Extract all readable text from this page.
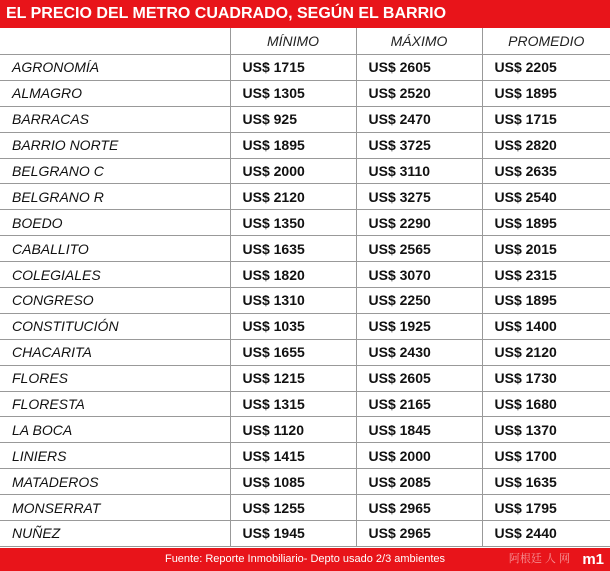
EL PRECIO DEL METRO CUADRADO, SEGÚN EL BARRIO
	MÍNIMO	MÁXIMO	PROMEDIO
AGRONOMÍA	US$ 1715	US$ 2605	US$ 2205
ALMAGRO	US$ 1305	US$ 2520	US$ 1895
BARRACAS	US$ 925	US$ 2470	US$ 1715
BARRIO NORTE	US$ 1895	US$ 3725	US$ 2820
BELGRANO C	US$ 2000	US$ 3110	US$ 2635
BELGRANO R	US$ 2120	US$ 3275	US$ 2540
BOEDO	US$ 1350	US$ 2290	US$ 1895
CABALLITO	US$ 1635	US$ 2565	US$ 2015
COLEGIALES	US$ 1820	US$ 3070	US$ 2315
CONGRESO	US$ 1310	US$ 2250	US$ 1895
CONSTITUCIÓN	US$ 1035	US$ 1925	US$ 1400
CHACARITA	US$ 1655	US$ 2430	US$ 2120
FLORES	US$ 1215	US$ 2605	US$ 1730
FLORESTA	US$ 1315	US$ 2165	US$ 1680
LA BOCA	US$ 1120	US$ 1845	US$ 1370
LINIERS	US$ 1415	US$ 2000	US$ 1700
MATADEROS	US$ 1085	US$ 2085	US$ 1635
MONSERRAT	US$ 1255	US$ 2965	US$ 1795
NUÑEZ	US$ 1945	US$ 2965	US$ 2440
Fuente: Reporte Inmobiliario- Depto usado 2/3 ambientes	阿根廷 人 网 m1
